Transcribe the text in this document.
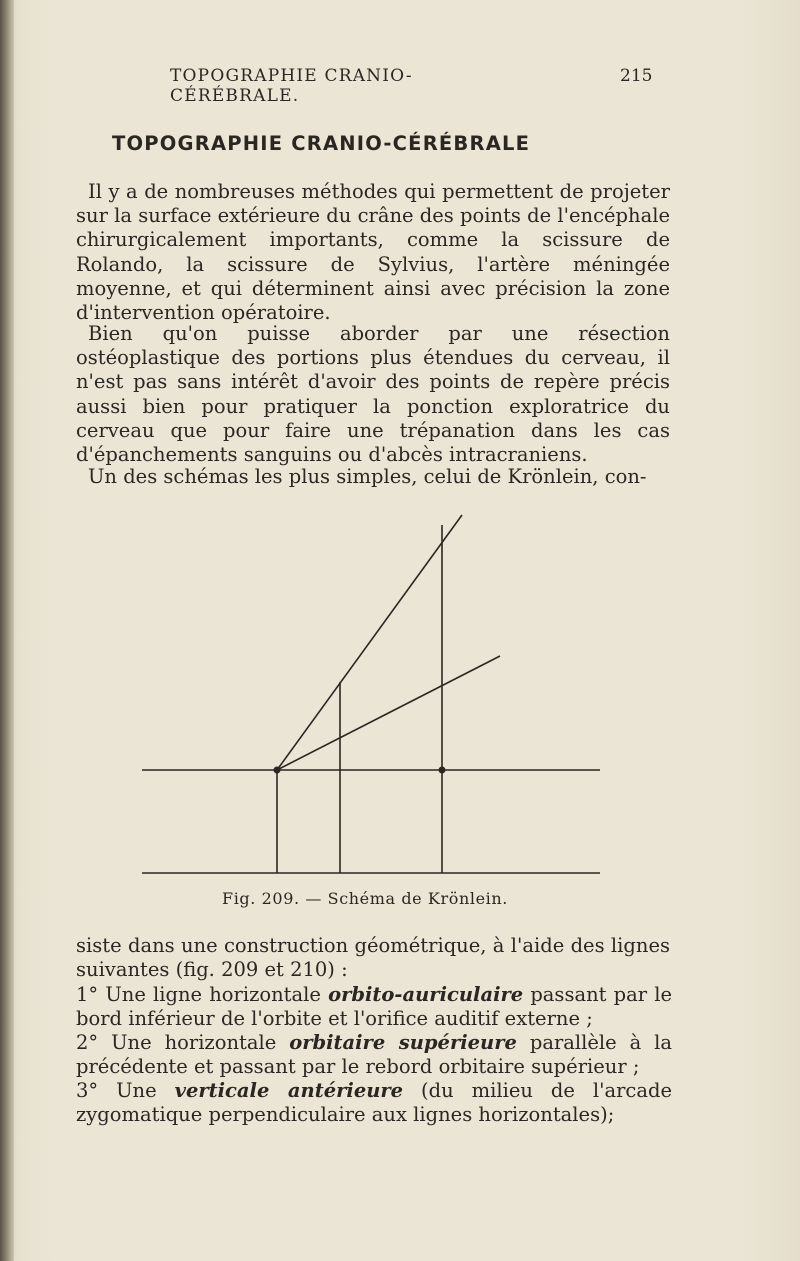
TOPOGRAPHIE CRANIO-CÉRÉBRALE.
215
TOPOGRAPHIE CRANIO-CÉRÉBRALE

Il y a de nombreuses méthodes qui permettent de projeter sur la surface extérieure du crâne des points de l'encéphale chirurgicalement importants, comme la scissure de Rolando, la scissure de Sylvius, l'artère méningée moyenne, et qui déterminent ainsi avec précision la zone d'intervention opératoire.

Bien qu'on puisse aborder par une résection ostéoplastique des portions plus étendues du cerveau, il n'est pas sans intérêt d'avoir des points de repère précis aussi bien pour pratiquer la ponction exploratrice du cerveau que pour faire une trépanation dans les cas d'épanchements sanguins ou d'abcès intracraniens.

Un des schémas les plus simples, celui de Krönlein, con-

Fig. 209. — Schéma de Krönlein.

siste dans une construction géométrique, à l'aide des lignes suivantes (fig. 209 et 210) :

1° Une ligne horizontale orbito-auriculaire passant par le bord inférieur de l'orbite et l'orifice auditif externe ;

2° Une horizontale orbitaire supérieure parallèle à la précédente et passant par le rebord orbitaire supérieur ;

3° Une verticale antérieure (du milieu de l'arcade zygomatique perpendiculaire aux lignes horizontales);
